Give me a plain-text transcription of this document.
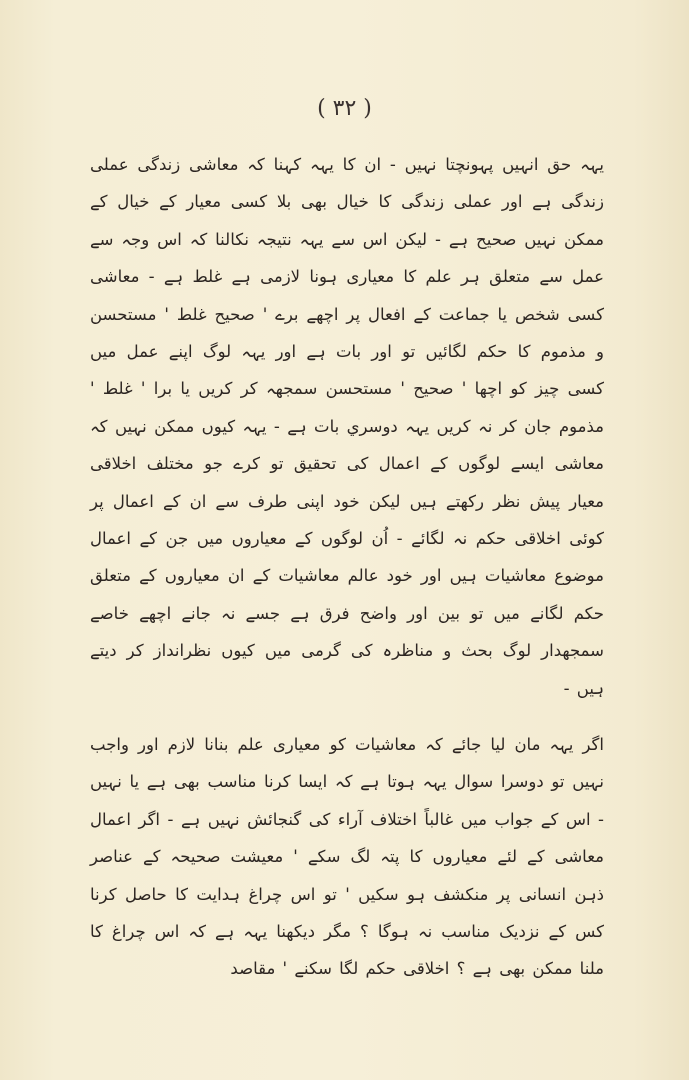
( ۳۲ )
یہہ حق انہیں پہونچتا نہیں - ان کا یہہ کہنا کہ معاشی زندگی عملی زندگی ہے اور عملی زندگی کا خیال بھی بلا کسی معیار کے خیال کے ممکن نہیں صحیح ہے - لیکن اس سے یہہ نتیجہ نکالنا کہ اس وجہ سے عمل سے متعلق ہر علم کا معیاری ہونا لازمی ہے غلط ہے - معاشی کسی شخص یا جماعت کے افعال پر اچھے برے ' صحیح غلط ' مستحسن و مذموم کا حکم لگائیں تو اور بات ہے اور یہہ لوگ اپنے عمل میں کسی چیز کو اچھا ' صحیح ' مستحسن سمجھہ کر کریں یا برا ' غلط ' مذموم جان کر نہ کریں یہہ دوسري بات ہے - یہہ کیوں ممکن نہیں کہ معاشی ایسے لوگوں کے اعمال کی تحقیق تو کرے جو مختلف اخلاقی معیار پیش نظر رکھتے ہیں لیکن خود اپنی طرف سے ان کے اعمال پر کوئی اخلاقی حکم نہ لگائے - اُن لوگوں کے معیاروں میں جن کے اعمال موضوع معاشیات ہیں اور خود عالم معاشیات کے ان معیاروں کے متعلق حکم لگانے میں تو بین اور واضح فرق ہے جسے نہ جانے اچھے خاصے سمجھدار لوگ بحث و مناظرہ کی گرمی میں کیوں نظرانداز کر دیتے ہیں -
اگر یہہ مان لیا جائے کہ معاشیات کو معیاری علم بنانا لازم اور واجب نہیں تو دوسرا سوال یہہ ہوتا ہے کہ ایسا کرنا مناسب بھی ہے یا نہیں - اس کے جواب میں غالباً اختلاف آراء کی گنجائش نہیں ہے - اگر اعمال معاشی کے لئے معیاروں کا پتہ لگ سکے ' معیشت صحیحہ کے عناصر ذہن انسانی پر منکشف ہو سکیں ' تو اس چراغ ہدایت کا حاصل کرنا کس کے نزدیک مناسب نہ ہوگا ؟ مگر دیکھنا یہہ ہے کہ اس چراغ کا ملنا ممکن بھی ہے ؟ اخلاقی حکم لگا سکنے ' مقاصد
